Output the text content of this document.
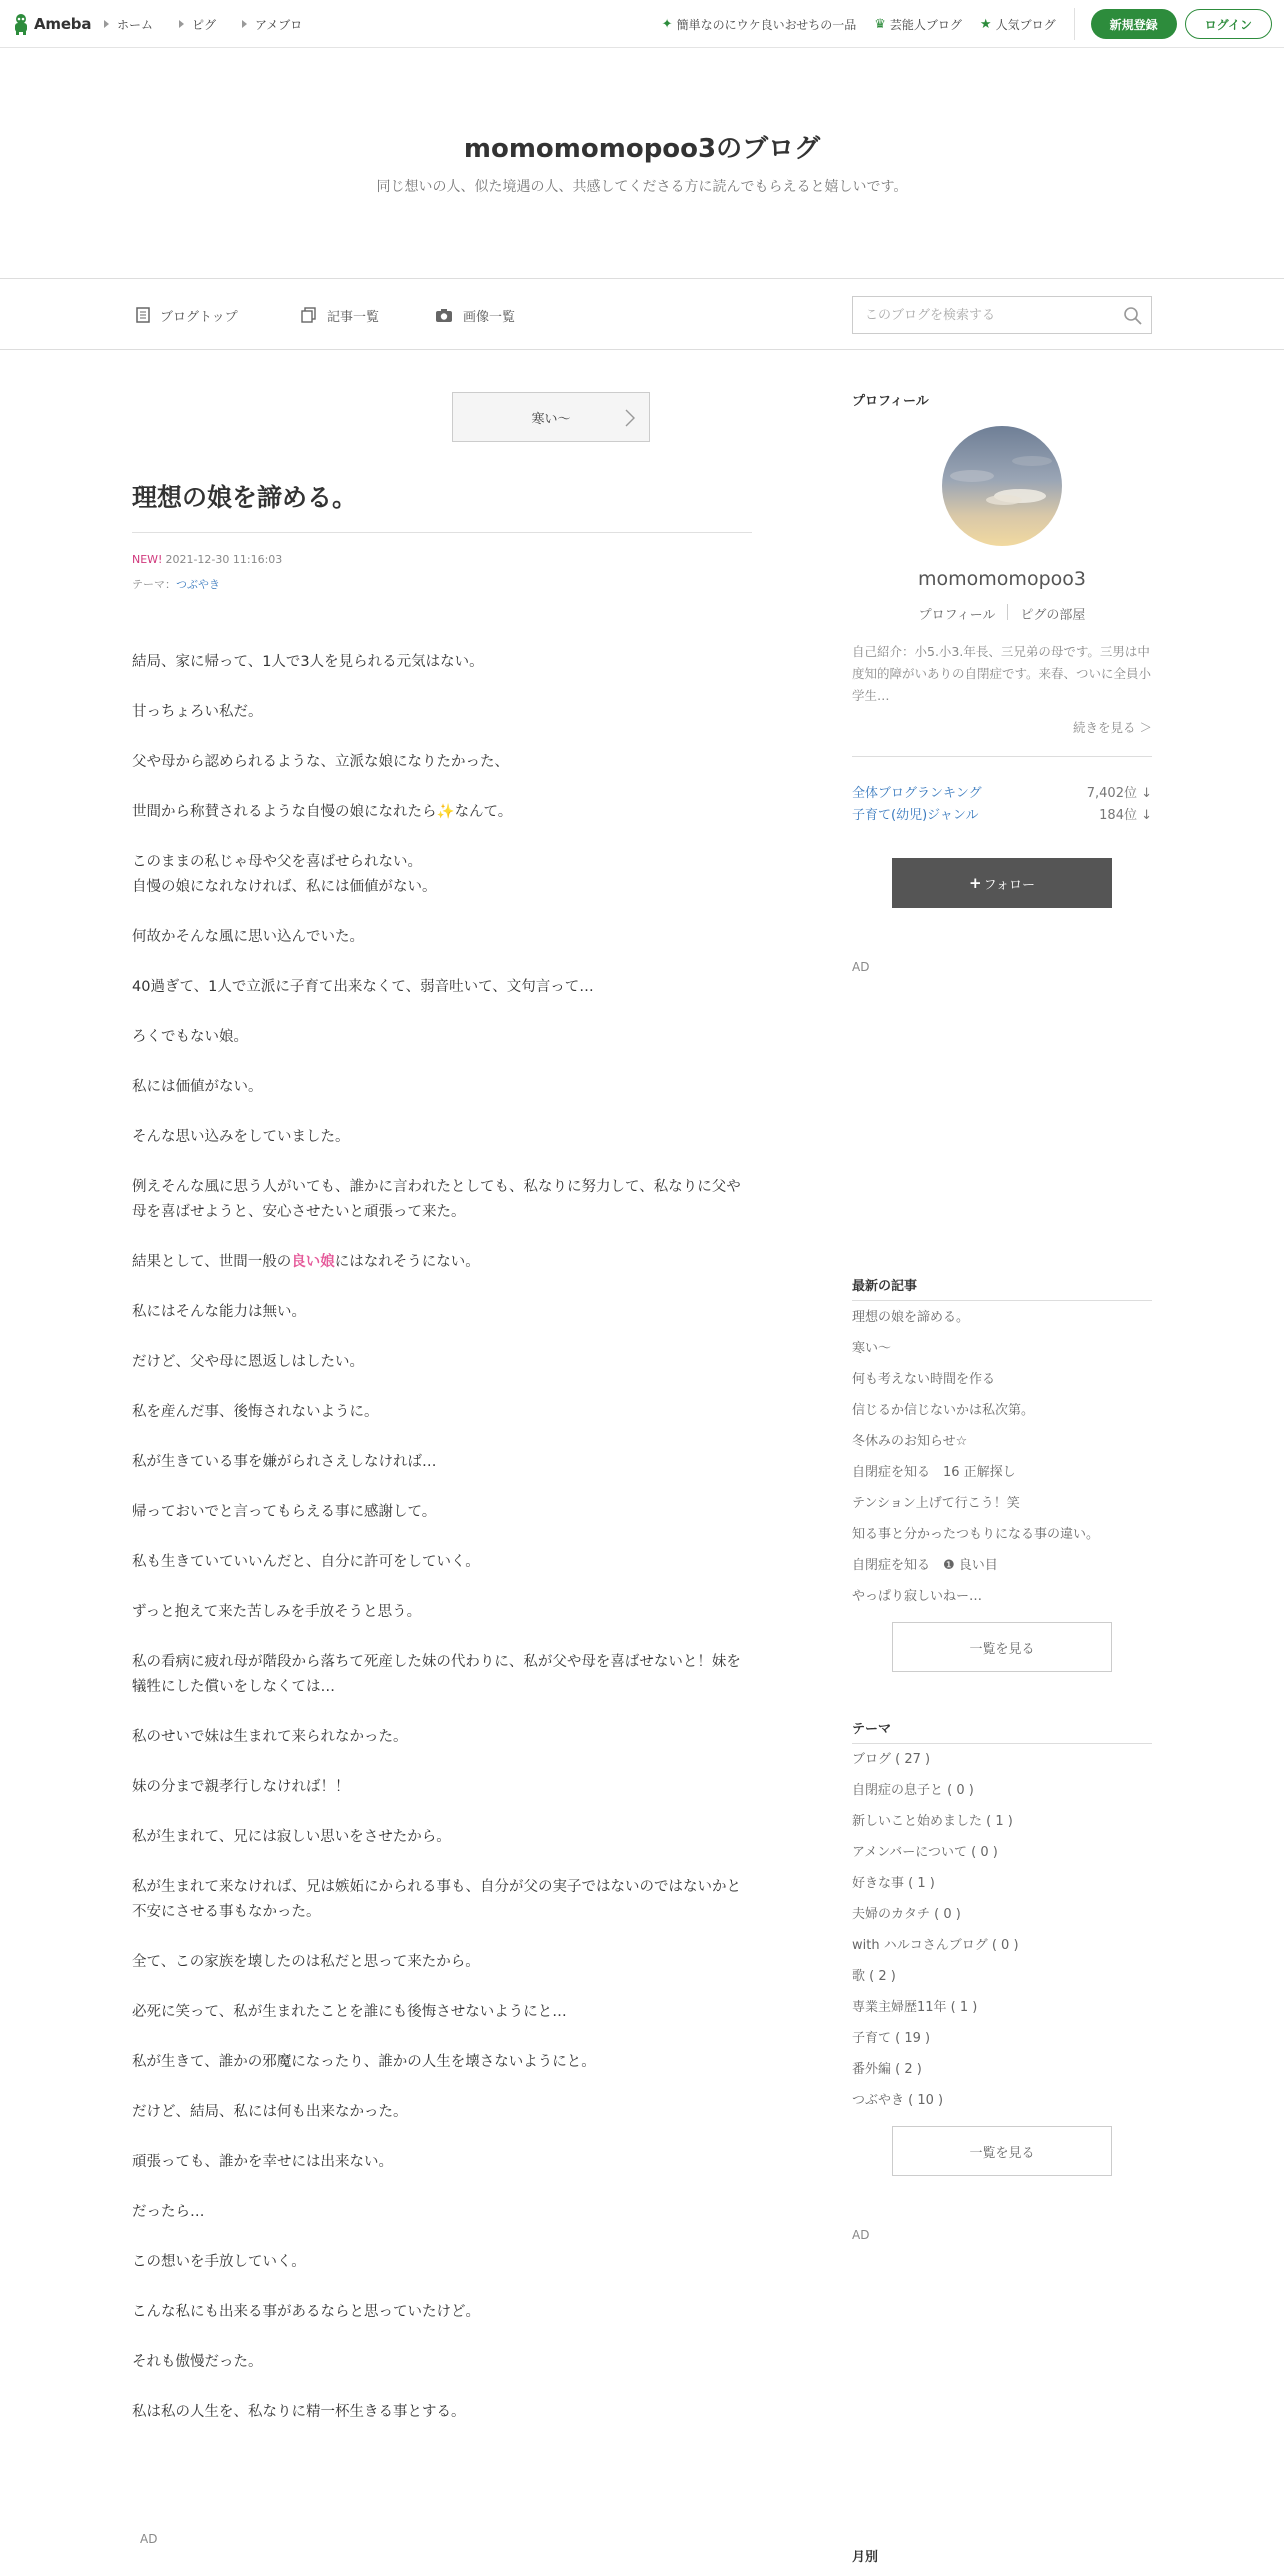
Ameba ホーム	ピグ	アメブロ	✦ 簡単なのにウケ良いおせちの一品 ♛ 芸能人ブログ ★ 人気ブログ	新規登録	ログイン
momomomopoo3のブログ
同じ想いの人、似た境遇の人、共感してくださる方に読んでもらえると嬉しいです。
ブログトップ	記事一覧	画像一覧
このブログを検索する
寒い〜
理想の娘を諦める。
NEW! 2021-12-30 11:16:03
テーマ：つぶやき

結局、家に帰って、1人で3人を見られる元気はない。

甘っちょろい私だ。

父や母から認められるような、立派な娘になりたかった、

世間から称賛されるような自慢の娘になれたら✨なんて。

このままの私じゃ母や父を喜ばせられない。
自慢の娘になれなければ、私には価値がない。

何故かそんな風に思い込んでいた。

40過ぎて、1人で立派に子育て出来なくて、弱音吐いて、文句言って…

ろくでもない娘。

私には価値がない。

そんな思い込みをしていました。

例えそんな風に思う人がいても、誰かに言われたとしても、私なりに努力して、私なりに父や母を喜ばせようと、安心させたいと頑張って来た。

結果として、世間一般の良い娘にはなれそうにない。

私にはそんな能力は無い。

だけど、父や母に恩返しはしたい。

私を産んだ事、後悔されないように。

私が生きている事を嫌がられさえしなければ…

帰っておいでと言ってもらえる事に感謝して。

私も生きていていいんだと、自分に許可をしていく。

ずっと抱えて来た苦しみを手放そうと思う。

私の看病に疲れ母が階段から落ちて死産した妹の代わりに、私が父や母を喜ばせないと！妹を犠牲にした償いをしなくては…

私のせいで妹は生まれて来られなかった。

妹の分まで親孝行しなければ！！

私が生まれて、兄には寂しい思いをさせたから。

私が生まれて来なければ、兄は嫉妬にかられる事も、自分が父の実子ではないのではないかと不安にさせる事もなかった。

全て、この家族を壊したのは私だと思って来たから。

必死に笑って、私が生まれたことを誰にも後悔させないようにと…

私が生きて、誰かの邪魔になったり、誰かの人生を壊さないようにと。

だけど、結局、私には何も出来なかった。

頑張っても、誰かを幸せには出来ない。

だったら…

この想いを手放していく。

こんな私にも出来る事があるならと思っていたけど。

それも傲慢だった。

私は私の人生を、私なりに精一杯生きる事とする。

AD
プロフィール
momomomopoo3
プロフィール ピグの部屋
自己紹介：小5.小3.年長、三兄弟の母です。三男は中度知的障がいありの自閉症です。来春、ついに全員小学生…
続きを見る ＞
全体ブログランキング	7,402位 ↓
子育て(幼児)ジャンル	184位 ↓
+ フォロー
AD
最新の記事
理想の娘を諦める。
寒い〜
何も考えない時間を作る
信じるか信じないかは私次第。
冬休みのお知らせ☆
自閉症を知る　16 正解探し
テンション上げて行こう！笑
知る事と分かったつもりになる事の違い。
自閉症を知る　❶ 良い目
やっぱり寂しいねー…
一覧を見る
テーマ
ブログ ( 27 )
自閉症の息子と ( 0 )
新しいこと始めました ( 1 )
アメンバーについて ( 0 )
好きな事 ( 1 )
夫婦のカタチ ( 0 )
with ハルコさんブログ ( 0 )
歌 ( 2 )
専業主婦歴11年 ( 1 )
子育て ( 19 )
番外編 ( 2 )
つぶやき ( 10 )
一覧を見る
AD
月別
